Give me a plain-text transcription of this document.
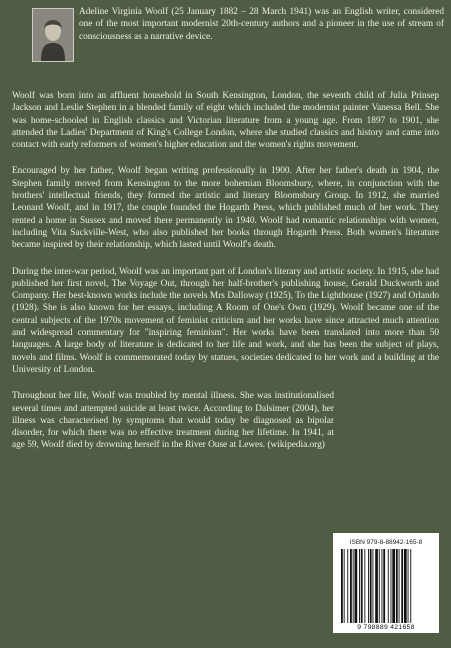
Adeline Virginia Woolf (25 January 1882 – 28 March 1941) was an English writer, considered one of the most important modernist 20th-century authors and a pioneer in the use of stream of consciousness as a narrative device.

Woolf was born into an affluent household in South Kensington, London, the seventh child of Julia Prinsep Jackson and Leslie Stephen in a blended family of eight which included the modernist painter Vanessa Bell. She was home-schooled in English classics and Victorian literature from a young age. From 1897 to 1901, she attended the Ladies' Department of King's College London, where she studied classics and history and came into contact with early reformers of women's higher education and the women's rights movement.

Encouraged by her father, Woolf began writing professionally in 1900. After her father's death in 1904, the Stephen family moved from Kensington to the more bohemian Bloomsbury, where, in conjunction with the brothers' intellectual friends, they formed the artistic and literary Bloomsbury Group. In 1912, she married Leonard Woolf, and in 1917, the couple founded the Hogarth Press, which published much of her work. They rented a home in Sussex and moved there permanently in 1940. Woolf had romantic relationships with women, including Vita Sackville-West, who also published her books through Hogarth Press. Both women's literature became inspired by their relationship, which lasted until Woolf's death.

During the inter-war period, Woolf was an important part of London's literary and artistic society. In 1915, she had published her first novel, The Voyage Out, through her half-brother's publishing house, Gerald Duckworth and Company. Her best-known works include the novels Mrs Dalloway (1925), To the Lighthouse (1927) and Orlando (1928). She is also known for her essays, including A Room of One's Own (1929). Woolf became one of the central subjects of the 1970s movement of feminist criticism and her works have since attracted much attention and widespread commentary for "inspiring feminism". Her works have been translated into more than 50 languages. A large body of literature is dedicated to her life and work, and she has been the subject of plays, novels and films. Woolf is commemorated today by statues, societies dedicated to her work and a building at the University of London.

Throughout her life, Woolf was troubled by mental illness. She was institutionalised several times and attempted suicide at least twice. According to Dalsimer (2004), her illness was characterised by symptoms that would today be diagnosed as bipolar disorder, for which there was no effective treatment during her lifetime. In 1941, at age 59, Woolf died by drowning herself in the River Ouse at Lewes. (wikipedia.org)

ISBN 979-8-88942-165-8
9 798889 421658
